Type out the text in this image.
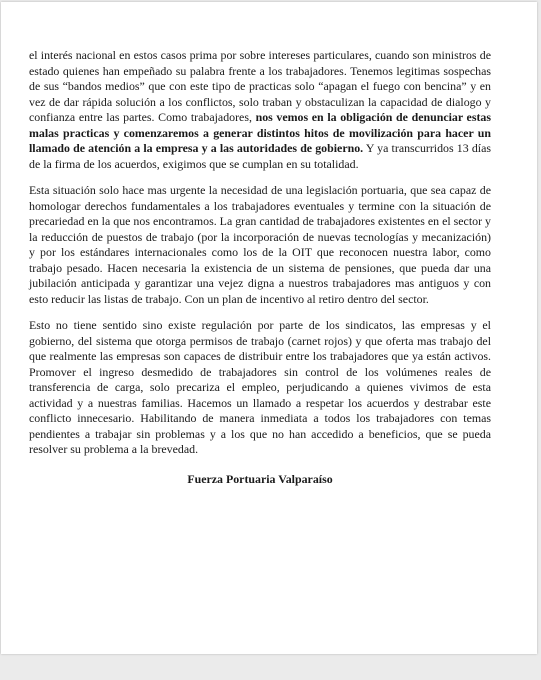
el interés nacional en estos casos prima por sobre intereses particulares, cuando son ministros de estado quienes han empeñado su palabra frente a los trabajadores. Tenemos legitimas sospechas de sus “bandos medios” que con este tipo de practicas solo “apagan el fuego con bencina” y en vez de dar rápida solución a los conflictos, solo traban y obstaculizan la capacidad de dialogo y confianza entre las partes. Como trabajadores, nos vemos en la obligación de denunciar estas malas practicas y comenzaremos a generar distintos hitos de movilización para hacer un llamado de atención a la empresa y a las autoridades de gobierno. Y ya transcurridos 13 días de la firma de los acuerdos, exigimos que se cumplan en su totalidad.

Esta situación solo hace mas urgente la necesidad de una legislación portuaria, que sea capaz de homologar derechos fundamentales a los trabajadores eventuales y termine con la situación de precariedad en la que nos encontramos. La gran cantidad de trabajadores existentes en el sector y la reducción de puestos de trabajo (por la incorporación de nuevas tecnologías y mecanización) y por los estándares internacionales como los de la OIT que reconocen nuestra labor, como trabajo pesado. Hacen necesaria la existencia de un sistema de pensiones, que pueda dar una jubilación anticipada y garantizar una vejez digna a nuestros trabajadores mas antiguos y con esto reducir las listas de trabajo. Con un plan de incentivo al retiro dentro del sector.

Esto no tiene sentido sino existe regulación por parte de los sindicatos, las empresas y el gobierno, del sistema que otorga permisos de trabajo (carnet rojos) y que oferta mas trabajo del que realmente las empresas son capaces de distribuir entre los trabajadores que ya están activos. Promover el ingreso desmedido de trabajadores sin control de los volúmenes reales de transferencia de carga, solo precariza el empleo, perjudicando a quienes vivimos de esta actividad y a nuestras familias. Hacemos un llamado a respetar los acuerdos y destrabar este conflicto innecesario. Habilitando de manera inmediata a todos los trabajadores con temas pendientes a trabajar sin problemas y a los que no han accedido a beneficios, que se pueda resolver su problema a la brevedad.

Fuerza Portuaria Valparaíso
